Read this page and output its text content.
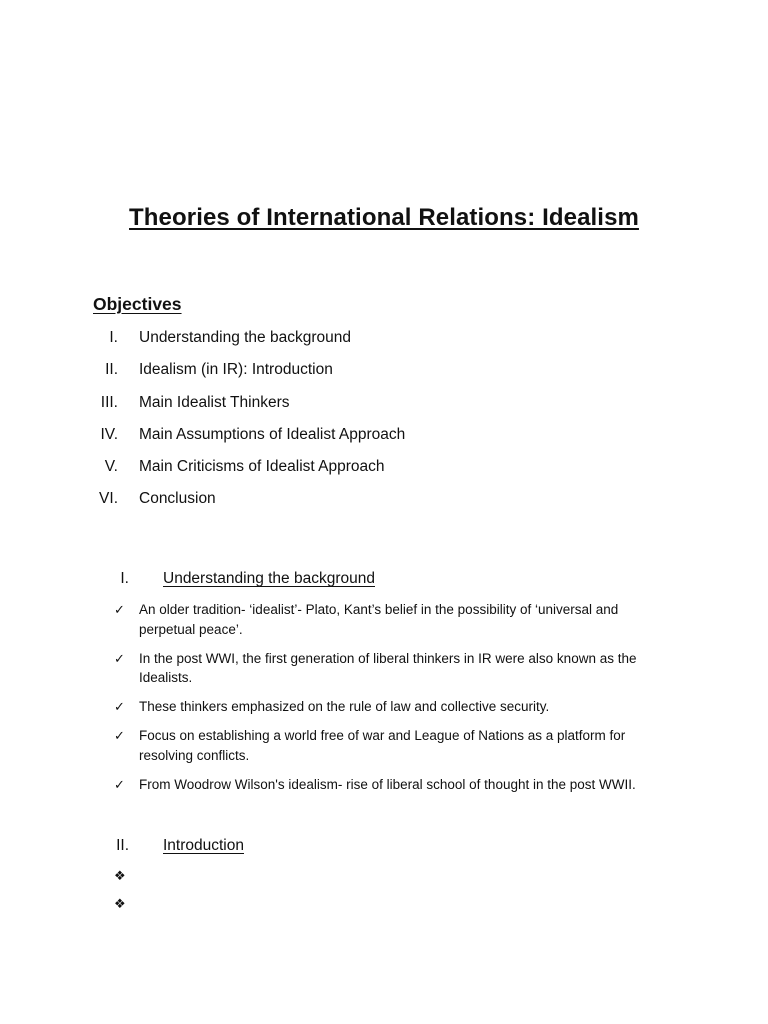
Theories of International Relations: Idealism
Objectives
I. Understanding the background
II. Idealism (in IR): Introduction
III. Main Idealist Thinkers
IV. Main Assumptions of Idealist Approach
V. Main Criticisms of Idealist Approach
VI. Conclusion
I. Understanding the background
✓ An older tradition- ‘idealist’- Plato, Kant’s belief in the possibility of ‘universal and perpetual peace’.
✓ In the post WWI, the first generation of liberal thinkers in IR were also known as the Idealists.
✓ These thinkers emphasized on the rule of law and collective security.
✓ Focus on establishing a world free of war and League of Nations as a platform for resolving conflicts.
✓ From Woodrow Wilson's idealism- rise of liberal school of thought in the post WWII.
II. Introduction
❖
❖
